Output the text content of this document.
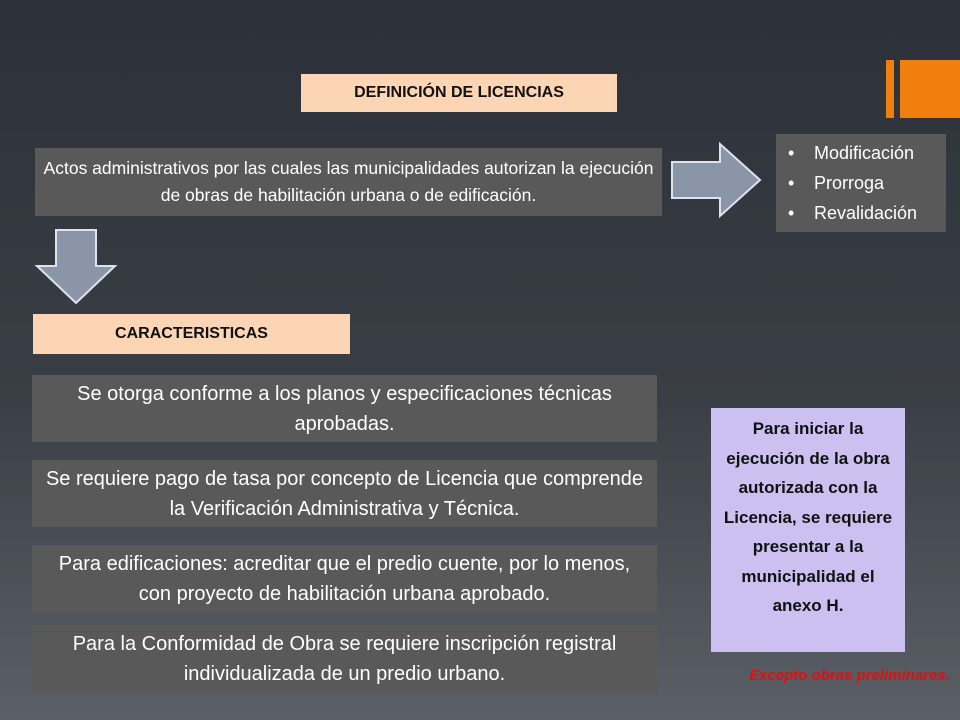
DEFINICIÓN DE LICENCIAS
Actos administrativos por las cuales las municipalidades autorizan la ejecución de obras de habilitación urbana o de edificación.
• Modificación
• Prorroga
• Revalidación
CARACTERISTICAS
Se otorga conforme a los planos y especificaciones técnicas aprobadas.
Se requiere pago de tasa por concepto de Licencia que comprende la Verificación Administrativa y Técnica.
Para edificaciones: acreditar que el predio cuente, por lo menos, con proyecto de habilitación urbana aprobado.
Para la Conformidad de Obra se requiere inscripción registral individualizada de un predio urbano.
Para iniciar la ejecución de la obra autorizada con la Licencia, se requiere presentar a la municipalidad el anexo H.
Excepto obras preliminares.
